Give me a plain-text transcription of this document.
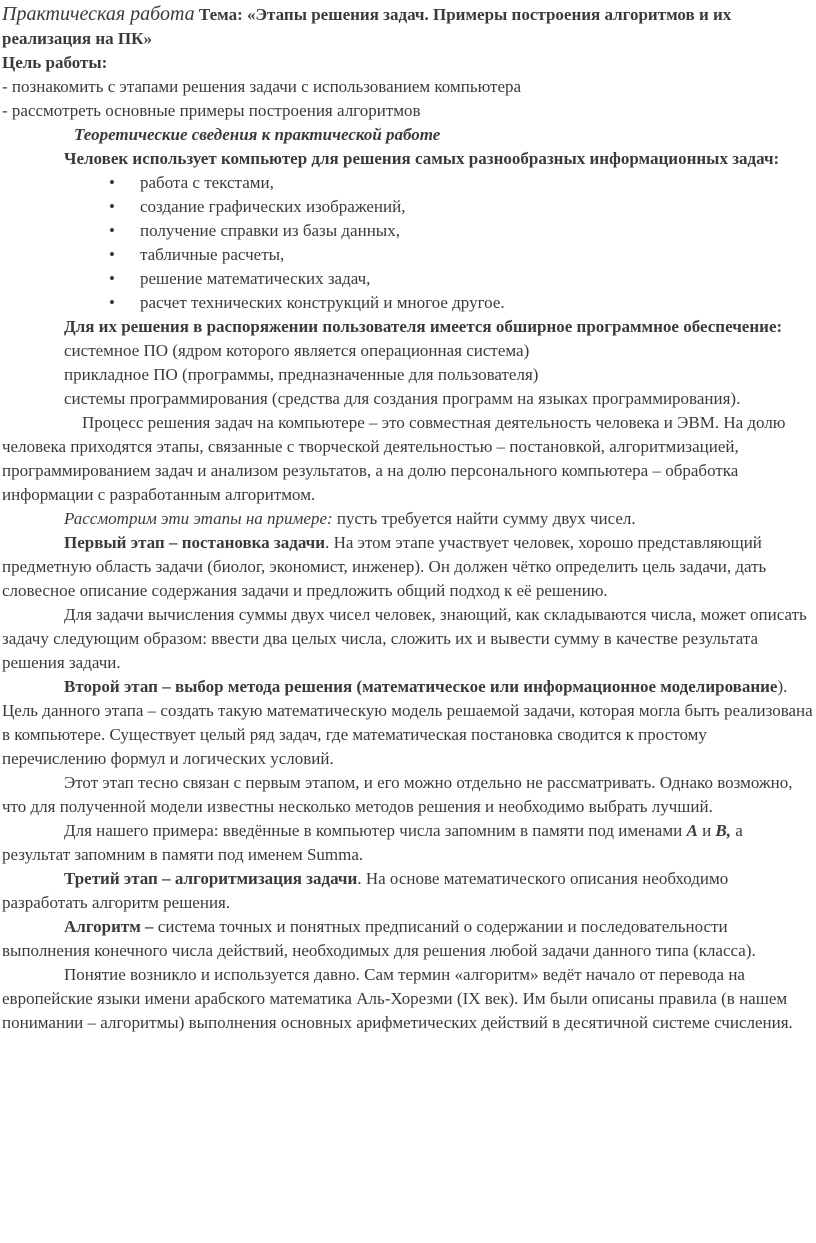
Практическая работа Тема: «Этапы решения задач. Примеры построения алгоритмов и их реализация на ПК»

Цель работы:

- познакомить с этапами решения задачи с использованием компьютера

- рассмотреть основные примеры построения алгоритмов

Теоретические сведения к практической работе

Человек использует компьютер для решения самых разнообразных информационных задач:

• работа с текстами,
• создание графических изображений,
• получение справки из базы данных,
• табличные расчеты,
• решение математических задач,
• расчет технических конструкций и многое другое.

Для их решения в распоряжении пользователя имеется обширное программное обеспечение:

системное ПО (ядром которого является операционная система)

прикладное ПО (программы, предназначенные для пользователя)

системы программирования (средства для создания программ на языках программирования).

Процесс решения задач на компьютере – это совместная деятельность человека и ЭВМ. На долю человека приходятся этапы, связанные с творческой деятельностью – постановкой, алгоритмизацией, программированием задач и анализом результатов, а на долю персонального компьютера – обработка информации с разработанным алгоритмом.

Рассмотрим эти этапы на примере: пусть требуется найти сумму двух чисел.

Первый этап – постановка задачи. На этом этапе участвует человек, хорошо представляющий предметную область задачи (биолог, экономист, инженер). Он должен чётко определить цель задачи, дать словесное описание содержания задачи и предложить общий подход к её решению.

Для задачи вычисления суммы двух чисел человек, знающий, как складываются числа, может описать задачу следующим образом: ввести два целых числа, сложить их и вывести сумму в качестве результата решения задачи.

Второй этап – выбор метода решения (математическое или информационное моделирование). Цель данного этапа – создать такую математическую модель решаемой задачи, которая могла быть реализована в компьютере. Существует целый ряд задач, где математическая постановка сводится к простому перечислению формул и логических условий.

Этот этап тесно связан с первым этапом, и его можно отдельно не рассматривать. Однако возможно, что для полученной модели известны несколько методов решения и необходимо выбрать лучший.

Для нашего примера: введённые в компьютер числа запомним в памяти под именами A и B, а результат запомним в памяти под именем Summa.

Третий этап – алгоритмизация задачи. На основе математического описания необходимо разработать алгоритм решения.

Алгоритм – система точных и понятных предписаний о содержании и последовательности выполнения конечного числа действий, необходимых для решения любой задачи данного типа (класса).

Понятие возникло и используется давно. Сам термин «алгоритм» ведёт начало от перевода на европейские языки имени арабского математика Аль-Хорезми (IX век). Им были описаны правила (в нашем понимании – алгоритмы) выполнения основных арифметических действий в десятичной системе счисления.
